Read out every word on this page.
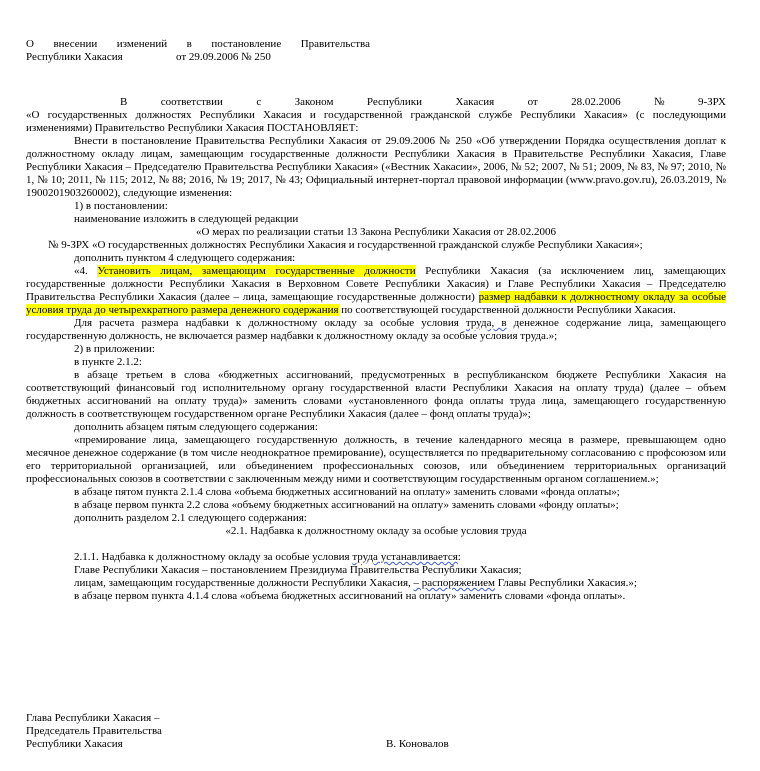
О внесении изменений в постановление Правительства
Республики Хакасия	от 29.09.2006 № 250
В	соответствии	с	Законом	Республики	Хакасия	от	28.02.2006	№	9-ЗРХ

«О государственных должностях Республики Хакасия и государственной гражданской службе Республики Хакасия» (с последующими изменениями) Правительство Республики Хакасия ПОСТАНОВЛЯЕТ:

Внести в постановление Правительства Республики Хакасия от 29.09.2006 № 250 «Об утверждении Порядка осуществления доплат к должностному окладу лицам, замещающим государственные должности Республики Хакасия в Правительстве Республики Хакасия, Главе Республики Хакасия – Председателю Правительства Республики Хакасия» («Вестник Хакасии», 2006, № 52; 2007, № 51; 2009, № 83, № 97; 2010, № 1, № 10; 2011, № 115; 2012, № 88; 2016, № 19; 2017, № 43; Официальный интернет-портал правовой информации (www.pravo.gov.ru), 26.03.2019, № 1900201903260002), следующие изменения:

1) в постановлении:

наименование изложить в следующей редакции

«О мерах по реализации статьи 13 Закона Республики Хакасия от 28.02.2006

№ 9-ЗРХ «О государственных должностях Республики Хакасия и государственной гражданской службе Республики Хакасия»;

дополнить пунктом 4 следующего содержания:

«4. Установить лицам, замещающим государственные должности Республики Хакасия (за исключением лиц, замещающих государственные должности Республики Хакасия в Верховном Совете Республики Хакасия) и Главе Республики Хакасия – Председателю Правительства Республики Хакасия (далее – лица, замещающие государственные должности) размер надбавки к должностному окладу за особые условия труда до четырехкратного размера денежного содержания по соответствующей государственной должности Республики Хакасия.

Для расчета размера надбавки к должностному окладу за особые условия труда, в денежное содержание лица, замещающего государственную должность, не включается размер надбавки к должностному окладу за особые условия труда.»;

2) в приложении:

в пункте 2.1.2:

в абзаце третьем в слова «бюджетных ассигнований, предусмотренных в республиканском бюджете Республики Хакасия на соответствующий финансовый год исполнительному органу государственной власти Республики Хакасия на оплату труда) (далее – объем бюджетных ассигнований на оплату труда)» заменить словами «установленного фонда оплаты труда лица, замещающего государственную должность в соответствующем государственном органе Республики Хакасия (далее – фонд оплаты труда)»;

дополнить абзацем пятым следующего содержания:

«премирование лица, замещающего государственную должность, в течение календарного месяца в размере, превышающем одно месячное денежное содержание (в том числе неоднократное премирование), осуществляется по предварительному согласованию с профсоюзом или его территориальной организацией, или объединением профессиональных союзов, или объединением территориальных организаций профессиональных союзов в соответствии с заключенным между ними и соответствующим государственным органом соглашением.»;

в абзаце пятом пункта 2.1.4 слова «объема бюджетных ассигнований на оплату» заменить словами «фонда оплаты»;

в абзаце первом пункта 2.2 слова «объему бюджетных ассигнований на оплату» заменить словами «фонду оплаты»;

дополнить разделом 2.1 следующего содержания:

«2.1. Надбавка к должностному окладу за особые условия труда

2.1.1. Надбавка к должностному окладу за особые условия труда устанавливается:

Главе Республики Хакасия – постановлением Президиума Правительства Республики Хакасия;

лицам, замещающим государственные должности Республики Хакасия, – распоряжением Главы Республики Хакасия.»;

в абзаце первом пункта 4.1.4 слова «объема бюджетных ассигнований на оплату» заменить словами «фонда оплаты».

Глава Республики Хакасия –
Председатель Правительства
Республики Хакасия	В. Коновалов
